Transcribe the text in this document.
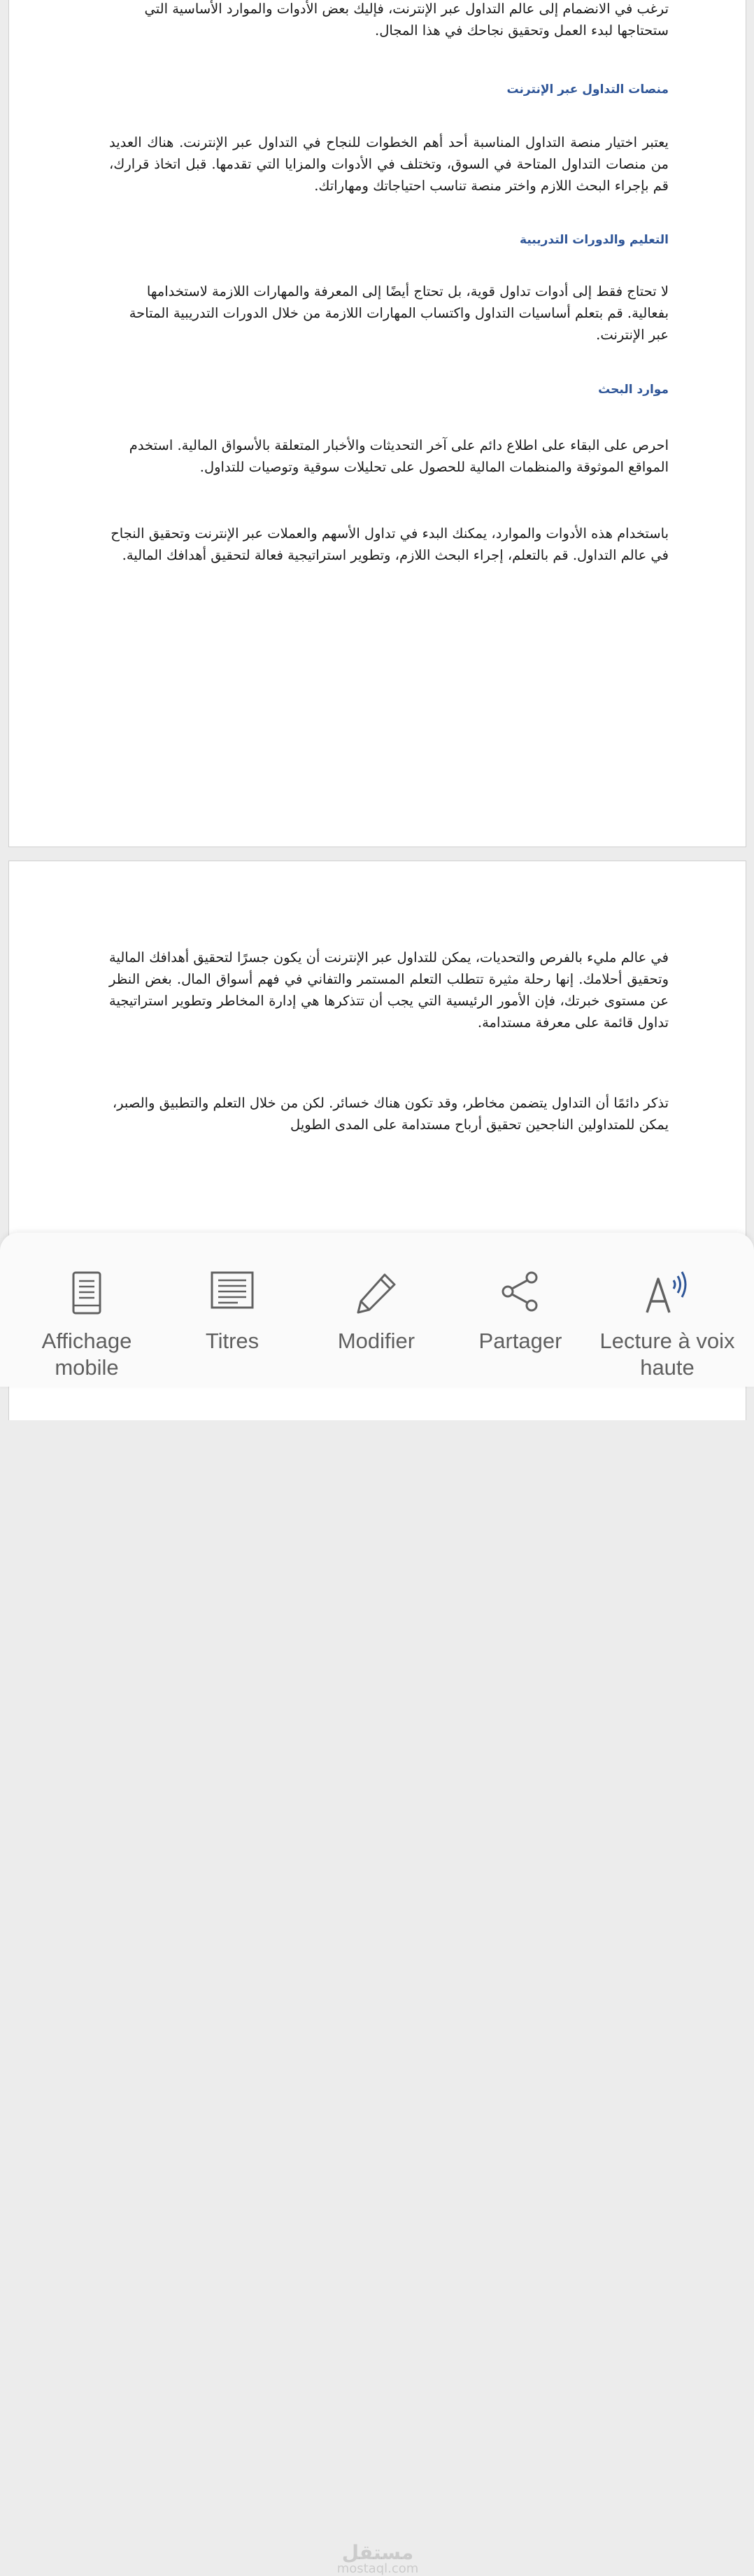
ترغب في الانضمام إلى عالم التداول عبر الإنترنت، فإليك بعض الأدوات والموارد الأساسية التي ستحتاجها لبدء العمل وتحقيق نجاحك في هذا المجال.
منصات التداول عبر الإنترنت
يعتبر اختيار منصة التداول المناسبة أحد أهم الخطوات للنجاح في التداول عبر الإنترنت. هناك العديد من منصات التداول المتاحة في السوق، وتختلف في الأدوات والمزايا التي تقدمها. قبل اتخاذ قرارك، قم بإجراء البحث اللازم واختر منصة تناسب احتياجاتك ومهاراتك.
التعليم والدورات التدريبية
لا تحتاج فقط إلى أدوات تداول قوية، بل تحتاج أيضًا إلى المعرفة والمهارات اللازمة لاستخدامها بفعالية. قم بتعلم أساسيات التداول واكتساب المهارات اللازمة من خلال الدورات التدريبية المتاحة عبر الإنترنت.
موارد البحث
احرص على البقاء على اطلاع دائم على آخر التحديثات والأخبار المتعلقة بالأسواق المالية. استخدم المواقع الموثوقة والمنظمات المالية للحصول على تحليلات سوقية وتوصيات للتداول.
باستخدام هذه الأدوات والموارد، يمكنك البدء في تداول الأسهم والعملات عبر الإنترنت وتحقيق النجاح في عالم التداول. قم بالتعلم، إجراء البحث اللازم، وتطوير استراتيجية فعالة لتحقيق أهدافك المالية.
في عالم مليء بالفرص والتحديات، يمكن للتداول عبر الإنترنت أن يكون جسرًا لتحقيق أهدافك المالية وتحقيق أحلامك. إنها رحلة مثيرة تتطلب التعلم المستمر والتفاني في فهم أسواق المال. بغض النظر عن مستوى خبرتك، فإن الأمور الرئيسية التي يجب أن تتذكرها هي إدارة المخاطر وتطوير استراتيجية تداول قائمة على معرفة مستدامة.
تذكر دائمًا أن التداول يتضمن مخاطر، وقد تكون هناك خسائر. لكن من خلال التعلم والتطبيق والصبر، يمكن للمتداولين الناجحين تحقيق أرباح مستدامة على المدى الطويل
Affichage mobile
Titres	Modifier	Partager	Lecture à voix haute
مستقل
mostaql.com
